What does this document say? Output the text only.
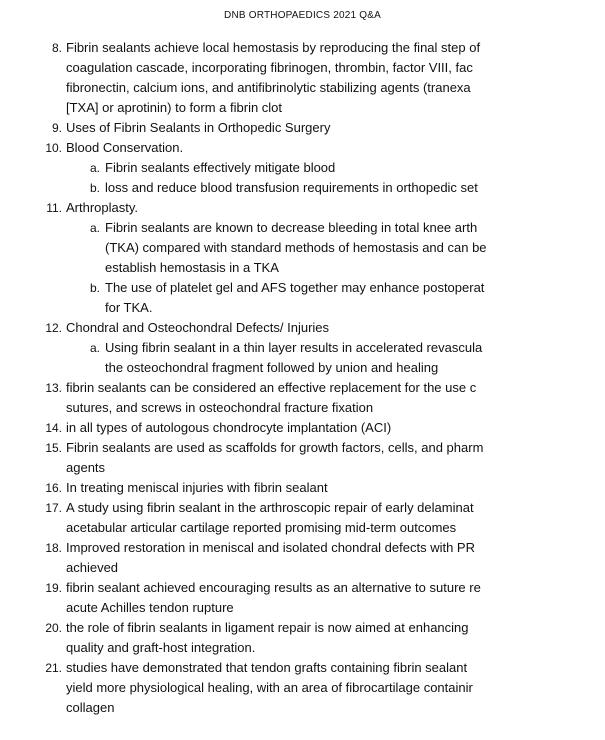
DNB ORTHOPAEDICS 2021 Q&A
8. Fibrin sealants achieve local hemostasis by reproducing the final step of
coagulation cascade, incorporating fibrinogen, thrombin, factor VIII, fac
fibronectin, calcium ions, and antifibrinolytic stabilizing agents (tranexa
[TXA] or aprotinin) to form a fibrin clot
9. Uses of Fibrin Sealants in Orthopedic Surgery
10. Blood Conservation.
a. Fibrin sealants effectively mitigate blood
b. loss and reduce blood transfusion requirements in orthopedic set
11. Arthroplasty.
a. Fibrin sealants are known to decrease bleeding in total knee arth
(TKA) compared with standard methods of hemostasis and can be
establish hemostasis in a TKA
b. The use of platelet gel and AFS together may enhance postoperat
for TKA.
12. Chondral and Osteochondral Defects/ Injuries
a. Using fibrin sealant in a thin layer results in accelerated revascula
the osteochondral fragment followed by union and healing
13. fibrin sealants can be considered an effective replacement for the use c
sutures, and screws in osteochondral fracture fixation
14. in all types of autologous chondrocyte implantation (ACI)
15. Fibrin sealants are used as scaffolds for growth factors, cells, and pharm
agents
16. In treating meniscal injuries with fibrin sealant
17. A study using fibrin sealant in the arthroscopic repair of early delaminat
acetabular articular cartilage reported promising mid-term outcomes
18. Improved restoration in meniscal and isolated chondral defects with PR
achieved
19. fibrin sealant achieved encouraging results as an alternative to suture re
acute Achilles tendon rupture
20. the role of fibrin sealants in ligament repair is now aimed at enhancing
quality and graft-host integration.
21. studies have demonstrated that tendon grafts containing fibrin sealant
yield more physiological healing, with an area of fibrocartilage containir
collagen
